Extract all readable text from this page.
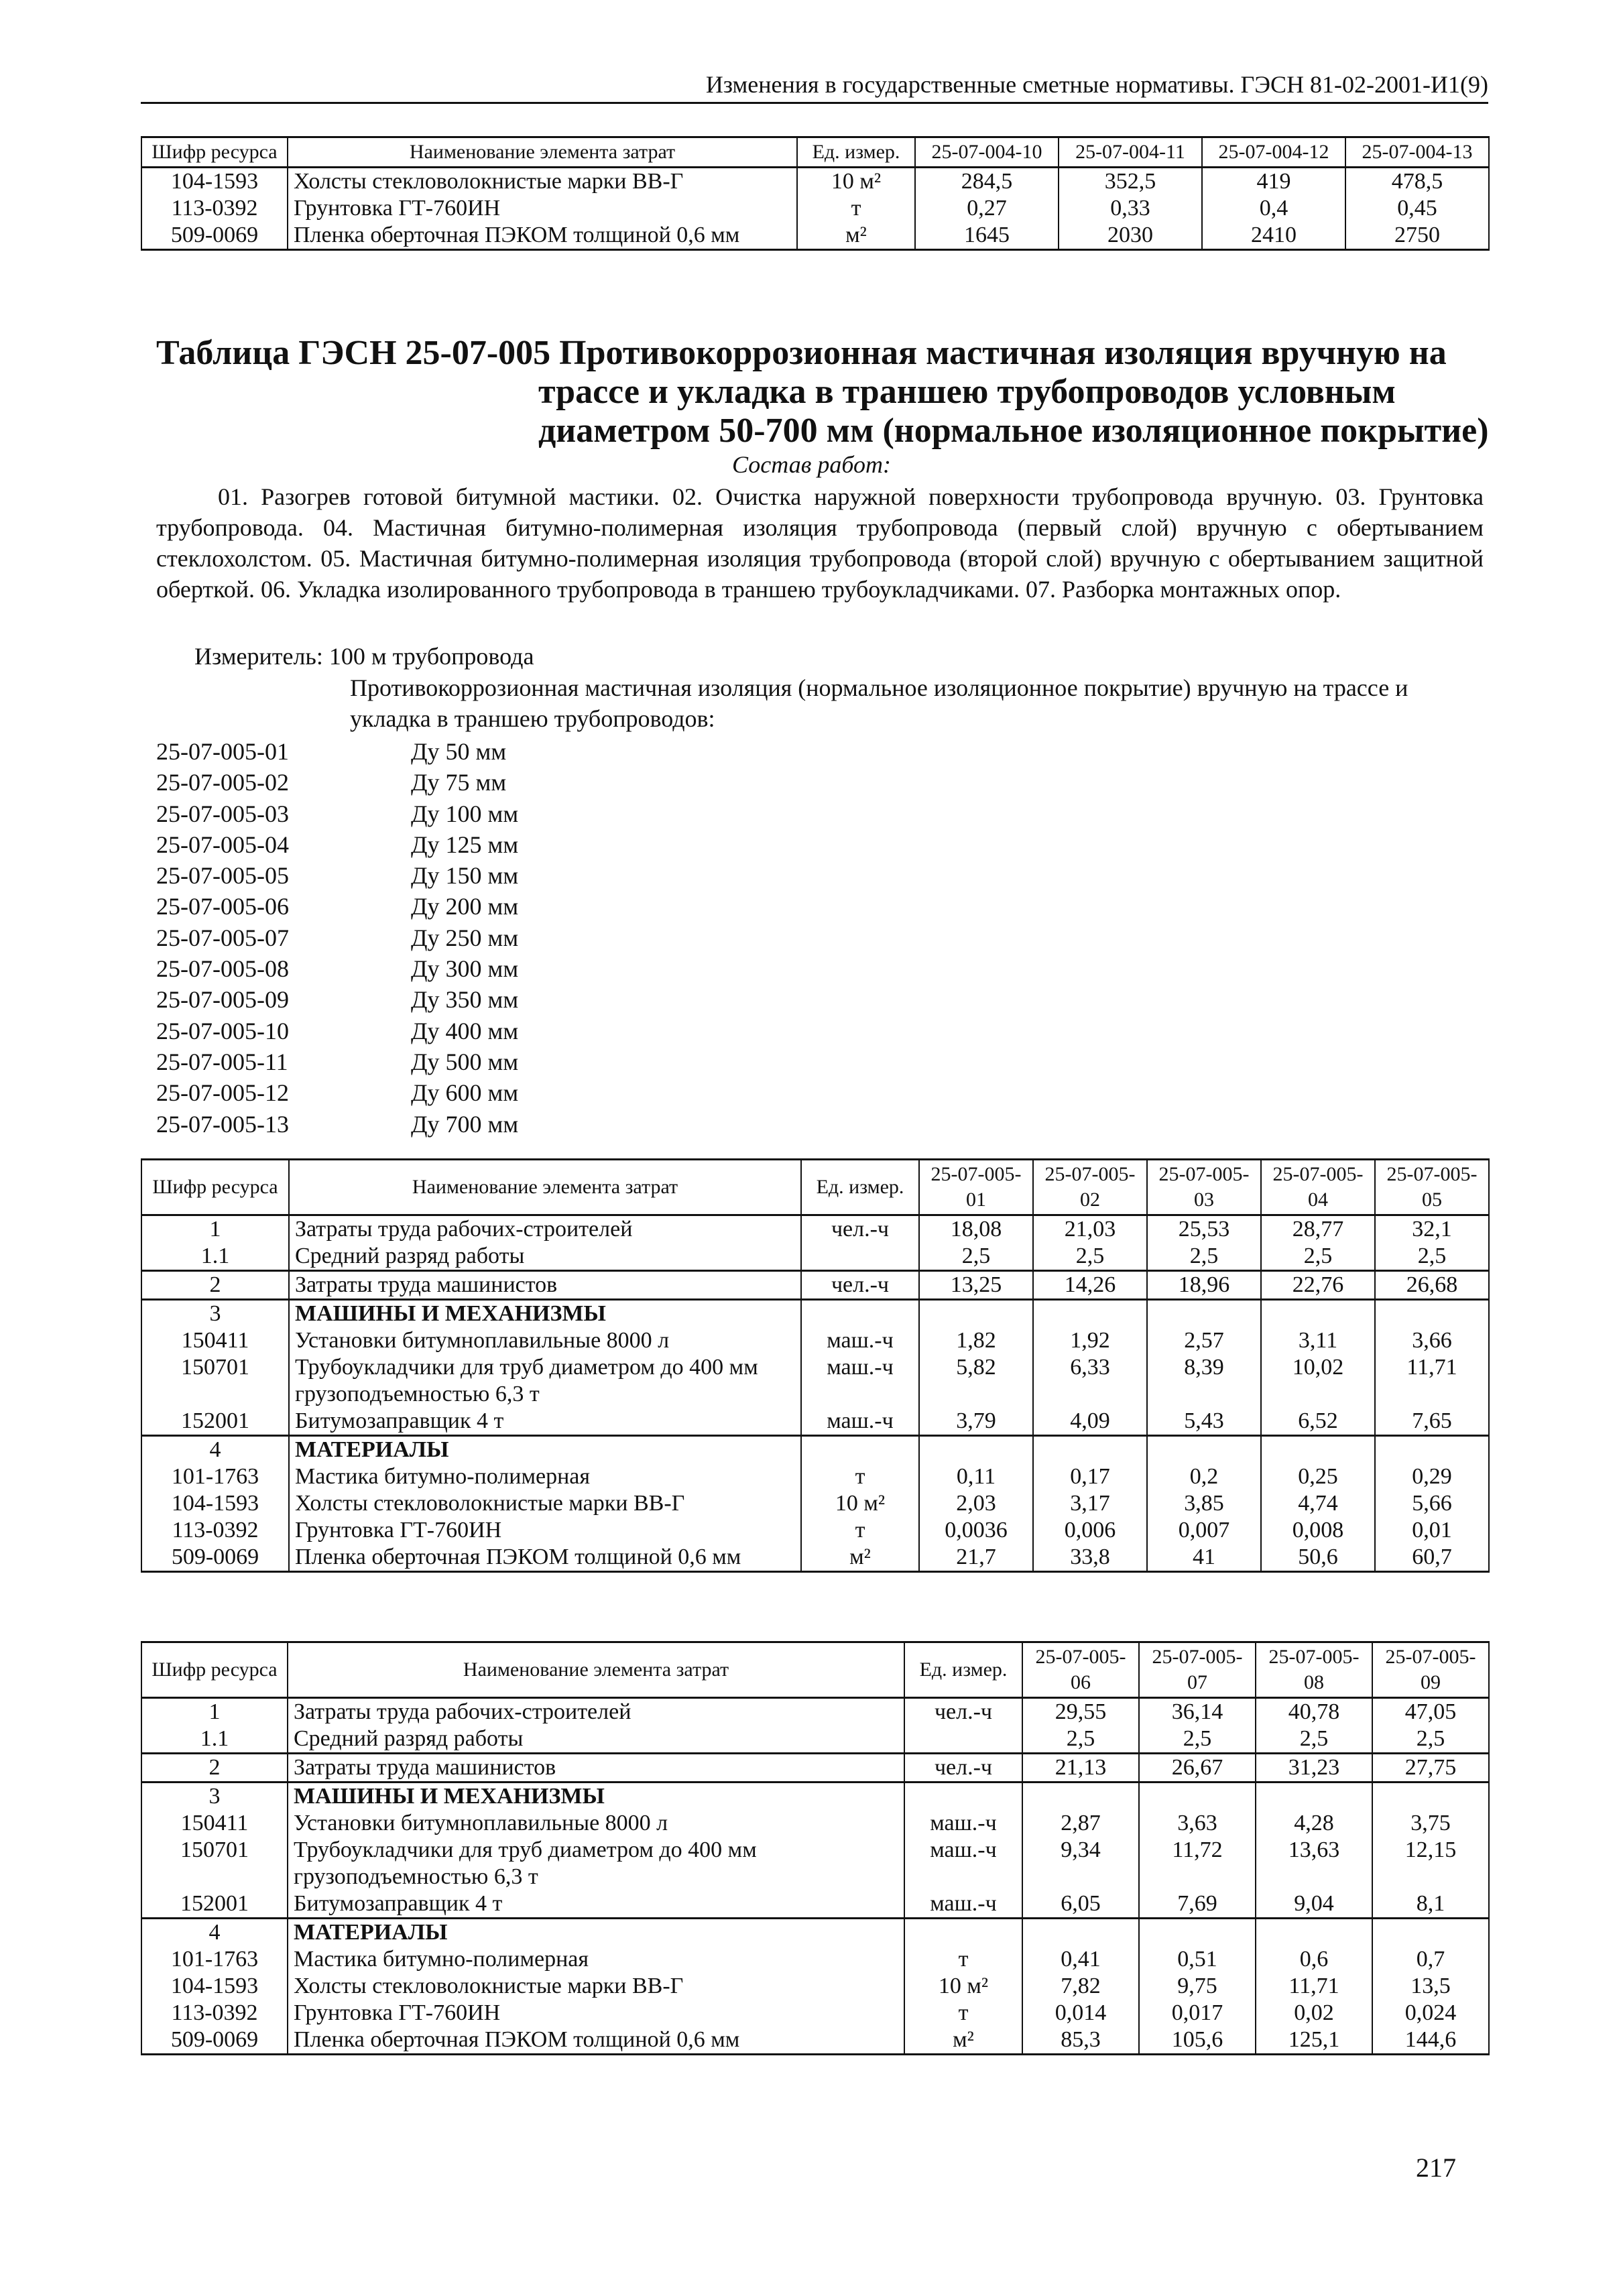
Изменения в государственные сметные нормативы. ГЭСН 81-02-2001-И1(9)
Шифр ресурса	Наименование элемента затрат	Ед. измер.	25-07-004-10	25-07-004-11	25-07-004-12	25-07-004-13
104-1593	Холсты стекловолокнистые марки ВВ-Г	10 м²	284,5	352,5	419	478,5
113-0392	Грунтовка ГТ-760ИН	т	0,27	0,33	0,4	0,45
509-0069	Пленка оберточная ПЭКОМ толщиной 0,6 мм	м²	1645	2030	2410	2750
Таблица ГЭСН 25-07-005 Противокоррозионная мастичная изоляция вручную на
трассе и укладка в траншею трубопроводов условным
диаметром 50-700 мм (нормальное изоляционное покрытие)
Состав работ:
01. Разогрев готовой битумной мастики. 02. Очистка наружной поверхности трубопровода вручную. 03. Грунтовка трубопровода. 04. Мастичная битумно-полимерная изоляция трубопровода (первый слой) вручную с обертыванием стеклохолстом. 05. Мастичная битумно-полимерная изоляция трубопровода (второй слой) вручную с обертыванием защитной оберткой. 06. Укладка изолированного трубопровода в траншею трубоукладчиками. 07. Разборка монтажных опор.
Измеритель: 100 м трубопровода
Противокоррозионная мастичная изоляция (нормальное изоляционное покрытие) вручную на трассе и укладка в траншею трубопроводов:
25-07-005-01	Ду 50 мм
25-07-005-02	Ду 75 мм
25-07-005-03	Ду 100 мм
25-07-005-04	Ду 125 мм
25-07-005-05	Ду 150 мм
25-07-005-06	Ду 200 мм
25-07-005-07	Ду 250 мм
25-07-005-08	Ду 300 мм
25-07-005-09	Ду 350 мм
25-07-005-10	Ду 400 мм
25-07-005-11	Ду 500 мм
25-07-005-12	Ду 600 мм
25-07-005-13	Ду 700 мм
Шифр ресурса	Наименование элемента затрат	Ед. измер.	25-07-005-01	25-07-005-02	25-07-005-03	25-07-005-04	25-07-005-05
1	Затраты труда рабочих-строителей	чел.-ч	18,08	21,03	25,53	28,77	32,1
1.1	Средний разряд работы		2,5	2,5	2,5	2,5	2,5
2	Затраты труда машинистов	чел.-ч	13,25	14,26	18,96	22,76	26,68
3	МАШИНЫ И МЕХАНИЗМЫ						
150411	Установки битумноплавильные 8000 л	маш.-ч	1,82	1,92	2,57	3,11	3,66
150701	Трубоукладчики для труб диаметром до 400 мм грузоподъемностью 6,3 т	маш.-ч	5,82	6,33	8,39	10,02	11,71
152001	Битумозаправщик 4 т	маш.-ч	3,79	4,09	5,43	6,52	7,65
4	МАТЕРИАЛЫ						
101-1763	Мастика битумно-полимерная	т	0,11	0,17	0,2	0,25	0,29
104-1593	Холсты стекловолокнистые марки ВВ-Г	10 м²	2,03	3,17	3,85	4,74	5,66
113-0392	Грунтовка ГТ-760ИН	т	0,0036	0,006	0,007	0,008	0,01
509-0069	Пленка оберточная ПЭКОМ толщиной 0,6 мм	м²	21,7	33,8	41	50,6	60,7
Шифр ресурса	Наименование элемента затрат	Ед. измер.	25-07-005-06	25-07-005-07	25-07-005-08	25-07-005-09
1	Затраты труда рабочих-строителей	чел.-ч	29,55	36,14	40,78	47,05
1.1	Средний разряд работы		2,5	2,5	2,5	2,5
2	Затраты труда машинистов	чел.-ч	21,13	26,67	31,23	27,75
3	МАШИНЫ И МЕХАНИЗМЫ					
150411	Установки битумноплавильные 8000 л	маш.-ч	2,87	3,63	4,28	3,75
150701	Трубоукладчики для труб диаметром до 400 мм грузоподъемностью 6,3 т	маш.-ч	9,34	11,72	13,63	12,15
152001	Битумозаправщик 4 т	маш.-ч	6,05	7,69	9,04	8,1
4	МАТЕРИАЛЫ					
101-1763	Мастика битумно-полимерная	т	0,41	0,51	0,6	0,7
104-1593	Холсты стекловолокнистые марки ВВ-Г	10 м²	7,82	9,75	11,71	13,5
113-0392	Грунтовка ГТ-760ИН	т	0,014	0,017	0,02	0,024
509-0069	Пленка оберточная ПЭКОМ толщиной 0,6 мм	м²	85,3	105,6	125,1	144,6
217
